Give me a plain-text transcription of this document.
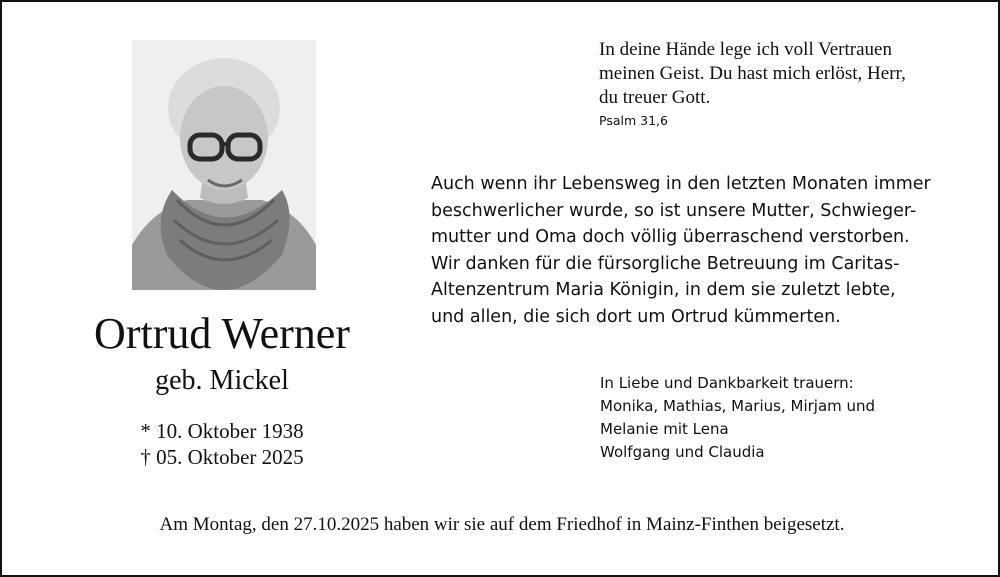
Ortrud Werner
geb. Mickel
* 10. Oktober 1938
† 05. Oktober 2025
In deine Hände lege ich voll Vertrauen
meinen Geist. Du hast mich erlöst, Herr,
du treuer Gott.
Psalm 31,6
Auch wenn ihr Lebensweg in den letzten Monaten immer
beschwerlicher wurde, so ist unsere Mutter, Schwieger-
mutter und Oma doch völlig überraschend verstorben.
Wir danken für die fürsorgliche Betreuung im Caritas-
Altenzentrum Maria Königin, in dem sie zuletzt lebte,
und allen, die sich dort um Ortrud kümmerten.
In Liebe und Dankbarkeit trauern:
Monika, Mathias, Marius, Mirjam und
Melanie mit Lena
Wolfgang und Claudia
Am Montag, den 27.10.2025 haben wir sie auf dem Friedhof in Mainz-Finthen beigesetzt.
